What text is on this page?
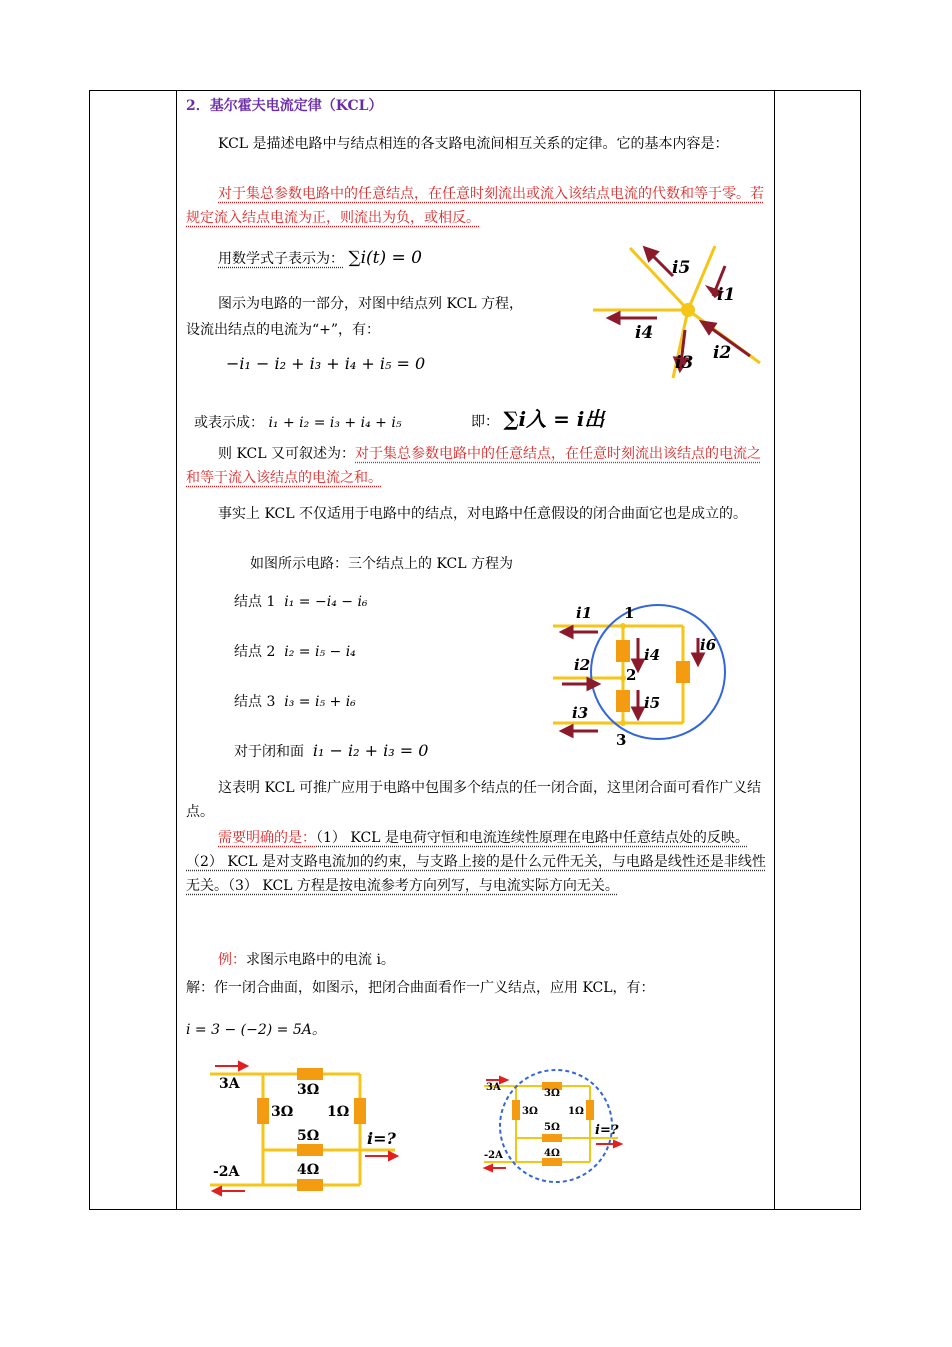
2．基尔霍夫电流定律（KCL）
KCL 是描述电路中与结点相连的各支路电流间相互关系的定律。它的基本内容是：
对于集总参数电路中的任意结点，在任意时刻流出或流入该结点电流的代数和等于零。若规定流入结点电流为正，则流出为负，或相反。
用数学式子表示为： ∑i(t) = 0
图示为电路的一部分，对图中结点列 KCL 方程，
设流出结点的电流为“+”，有：
−i₁ − i₂ + i₃ + i₄ + i₅ = 0
或表示成： i₁ + i₂ = i₃ + i₄ + i₅	即： ∑i入 = i出
则 KCL 又可叙述为：对于集总参数电路中的任意结点，在任意时刻流出该结点的电流之和等于流入该结点的电流之和。
事实上 KCL 不仅适用于电路中的结点，对电路中任意假设的闭合曲面它也是成立的。
如图所示电路：三个结点上的 KCL 方程为
结点 1 i₁ = −i₄ − i₆
结点 2 i₂ = i₅ − i₄
结点 3 i₃ = i₅ + i₆
对于闭和面 i₁ − i₂ + i₃ = 0
这表明 KCL 可推广应用于电路中包围多个结点的任一闭合面，这里闭合面可看作广义结点。
需要明确的是：（1） KCL 是电荷守恒和电流连续性原理在电路中任意结点处的反映。（2） KCL 是对支路电流加的约束，与支路上接的是什么元件无关，与电路是线性还是非线性无关。（3） KCL 方程是按电流参考方向列写，与电流实际方向无关。
例：求图示电路中的电流 i。
解：作一闭合曲面，如图示，把闭合曲面看作一广义结点，应用 KCL，有：
i = 3 − (−2) = 5A。
i5
i1
i4
i3 i2
i1 1
i4
i6
i2
2
i5
i3
3
3A	3Ω
3Ω 1Ω
5Ω	i=?
-2A	4Ω
3A
3Ω
3Ω	1Ω
5Ω	i=?
-2A	4Ω
